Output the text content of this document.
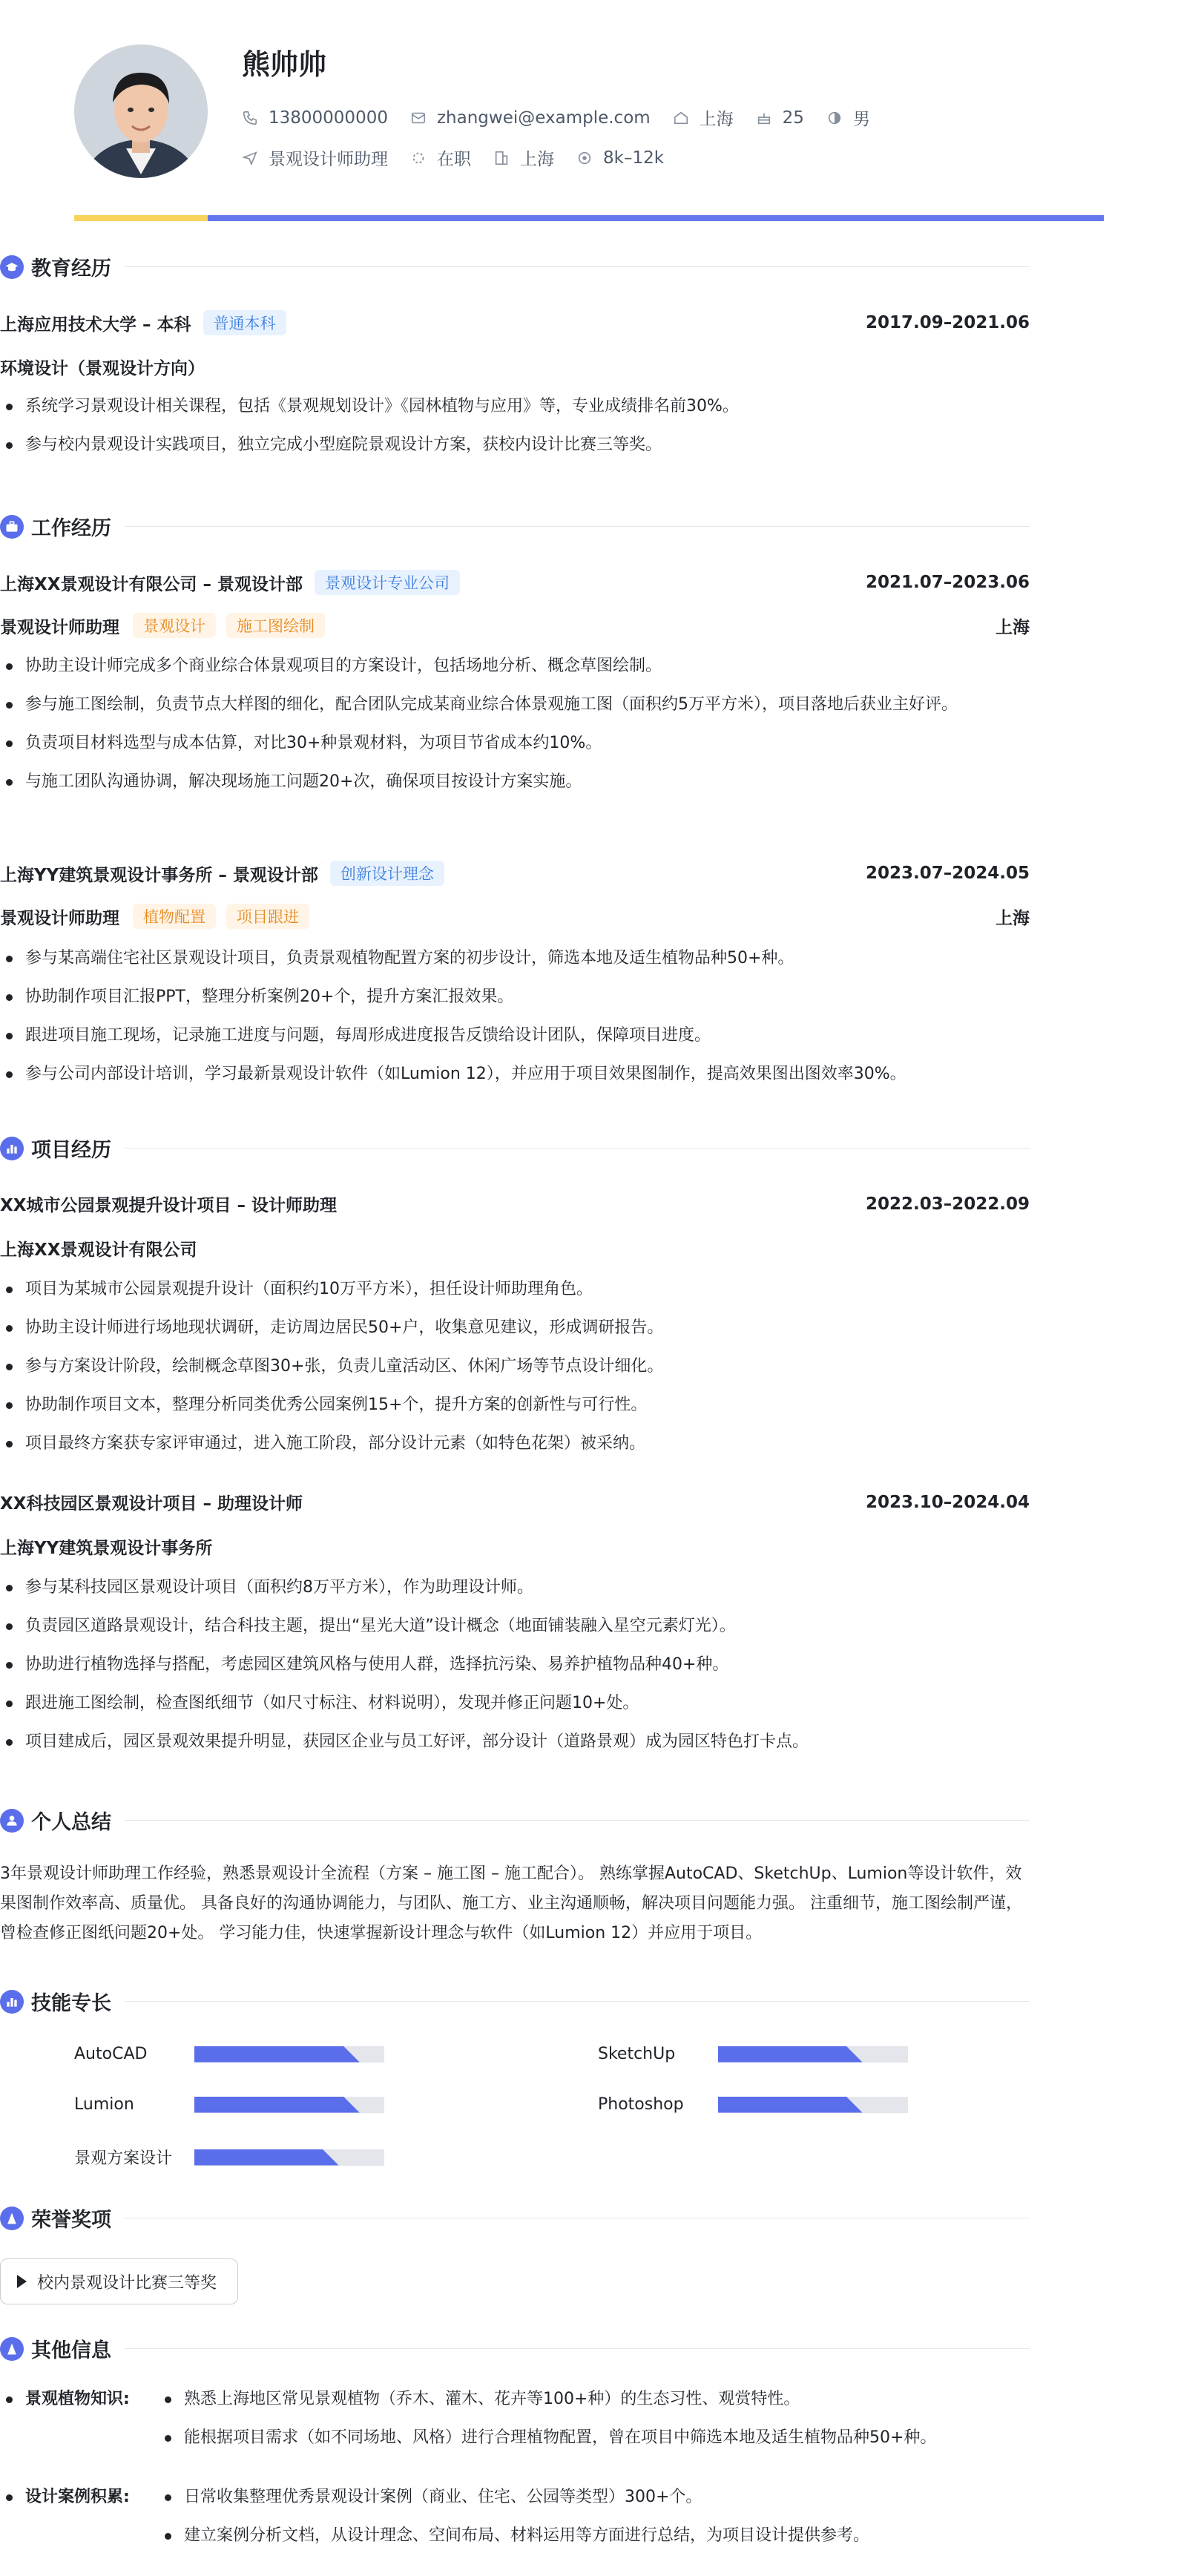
熊帅帅
13800000000	zhangwei@example.com	上海	25	男
景观设计师助理	在职	上海	8k–12k
教育经历
上海应用技术大学 – 本科	普通本科	2017.09–2021.06
环境设计（景观设计方向）
系统学习景观设计相关课程，包括《景观规划设计》《园林植物与应用》等，专业成绩排名前30%。
参与校内景观设计实践项目，独立完成小型庭院景观设计方案，获校内设计比赛三等奖。
工作经历
上海XX景观设计有限公司 – 景观设计部	景观设计专业公司	2021.07–2023.06
景观设计师助理	景观设计	施工图绘制	上海
协助主设计师完成多个商业综合体景观项目的方案设计，包括场地分析、概念草图绘制。
参与施工图绘制，负责节点大样图的细化，配合团队完成某商业综合体景观施工图（面积约5万平方米），项目落地后获业主好评。
负责项目材料选型与成本估算，对比30+种景观材料，为项目节省成本约10%。
与施工团队沟通协调，解决现场施工问题20+次，确保项目按设计方案实施。
上海YY建筑景观设计事务所 – 景观设计部	创新设计理念	2023.07–2024.05
景观设计师助理	植物配置	项目跟进	上海
参与某高端住宅社区景观设计项目，负责景观植物配置方案的初步设计，筛选本地及适生植物品种50+种。
协助制作项目汇报PPT，整理分析案例20+个，提升方案汇报效果。
跟进项目施工现场，记录施工进度与问题，每周形成进度报告反馈给设计团队，保障项目进度。
参与公司内部设计培训，学习最新景观设计软件（如Lumion 12），并应用于项目效果图制作，提高效果图出图效率30%。
项目经历
XX城市公园景观提升设计项目 – 设计师助理	2022.03–2022.09
上海XX景观设计有限公司
项目为某城市公园景观提升设计（面积约10万平方米），担任设计师助理角色。
协助主设计师进行场地现状调研，走访周边居民50+户，收集意见建议，形成调研报告。
参与方案设计阶段，绘制概念草图30+张，负责儿童活动区、休闲广场等节点设计细化。
协助制作项目文本，整理分析同类优秀公园案例15+个，提升方案的创新性与可行性。
项目最终方案获专家评审通过，进入施工阶段，部分设计元素（如特色花架）被采纳。
XX科技园区景观设计项目 – 助理设计师	2023.10–2024.04
上海YY建筑景观设计事务所
参与某科技园区景观设计项目（面积约8万平方米），作为助理设计师。
负责园区道路景观设计，结合科技主题，提出“星光大道”设计概念（地面铺装融入星空元素灯光）。
协助进行植物选择与搭配，考虑园区建筑风格与使用人群，选择抗污染、易养护植物品种40+种。
跟进施工图绘制，检查图纸细节（如尺寸标注、材料说明），发现并修正问题10+处。
项目建成后，园区景观效果提升明显，获园区企业与员工好评，部分设计（道路景观）成为园区特色打卡点。
个人总结
3年景观设计师助理工作经验，熟悉景观设计全流程（方案 – 施工图 – 施工配合）。 熟练掌握AutoCAD、SketchUp、Lumion等设计软件，效果图制作效率高、质量优。 具备良好的沟通协调能力，与团队、施工方、业主沟通顺畅，解决项目问题能力强。 注重细节，施工图绘制严谨，曾检查修正图纸问题20+处。 学习能力佳，快速掌握新设计理念与软件（如Lumion 12）并应用于项目。
技能专长
AutoCAD	SketchUp
Lumion	Photoshop
景观方案设计
荣誉奖项
校内景观设计比赛三等奖
其他信息
景观植物知识:	熟悉上海地区常见景观植物（乔木、灌木、花卉等100+种）的生态习性、观赏特性。
能根据项目需求（如不同场地、风格）进行合理植物配置，曾在项目中筛选本地及适生植物品种50+种。
设计案例积累:	日常收集整理优秀景观设计案例（商业、住宅、公园等类型）300+个。
建立案例分析文档，从设计理念、空间布局、材料运用等方面进行总结，为项目设计提供参考。
